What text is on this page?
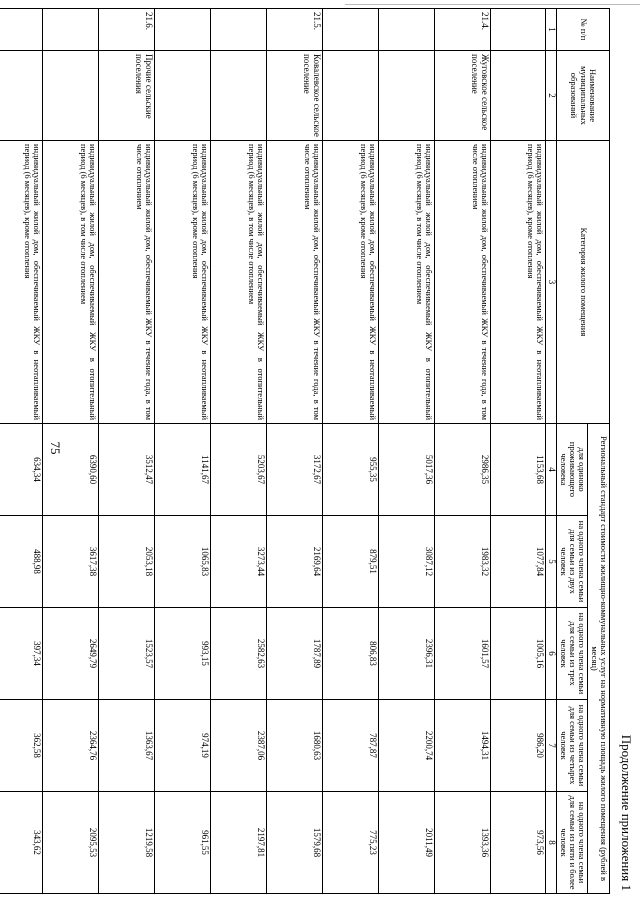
75
Продолжение приложения 1
№ п/п	Наименование муниципальных образований	Категория жилого помещения	Региональный стандарт стоимости жилищно-коммунальных услуг на нормативную площадь жилого помещения (рублей в месяц)				
			для одиноко проживающего человека	на одного члена семьи для семьи из двух человек	на одного члена семьи для семьи из трех человек	на одного члена семьи для семьи из четырех человек	на одного члена семьи для семьи из пяти и более человек
1	2	3	4	5	6	7	8
		индивидуальный жилой дом, обеспечиваемый ЖКУ в неотапливаемый период (6 месяцев), кроме отопления	1153,68	1077,84	1005,16	986,20	973,56
21.4.	Жуговское сельское поселение	индивидуальный жилой дом, обеспечиваемый ЖКУ в течение года, в том числе отоплением	2986,35	1983,32	1601,57	1494,31	1393,36
		индивидуальный жилой дом, обеспечиваемый ЖКУ в отопительный период (6 месяцев), в том числе отоплением	5017,36	3087,12	2396,31	2200,74	2011,49
		индивидуальный жилой дом, обеспечиваемый ЖКУ в неотапливаемый период (6 месяцев), кроме отопления	955,35	879,51	806,83	787,87	775,23
21.5.	Ковалевское сельское поселение	индивидуальный жилой дом, обеспечиваемый ЖКУ в течение года, в том числе отоплением	3172,67	2169,64	1787,89	1680,63	1579,68
		индивидуальный жилой дом, обеспечиваемый ЖКУ в отопительный период (6 месяцев), в том числе отоплением	5203,67	3273,44	2582,63	2387,06	2197,81
		индивидуальный жилой дом, обеспечиваемый ЖКУ в неотапливаемый период (6 месяцев), кроме отопления	1141,67	1065,83	993,15	974,19	961,55
21.6.	Прочие сельские поселения	индивидуальный жилой дом, обеспечиваемый ЖКУ в течение года, в том числе отоплением	3512,47	2053,18	1523,57	1363,67	1219,58
		индивидуальный жилой дом, обеспечиваемый ЖКУ в отопительный период (6 месяцев), в том числе отоплением	6390,60	3617,38	2649,79	2364,76	2095,53
		индивидуальный жилой дом, обеспечиваемый ЖКУ в неотапливаемый период (6 месяцев), кроме отопления	634,34	488,98	397,34	362,58	343,62
